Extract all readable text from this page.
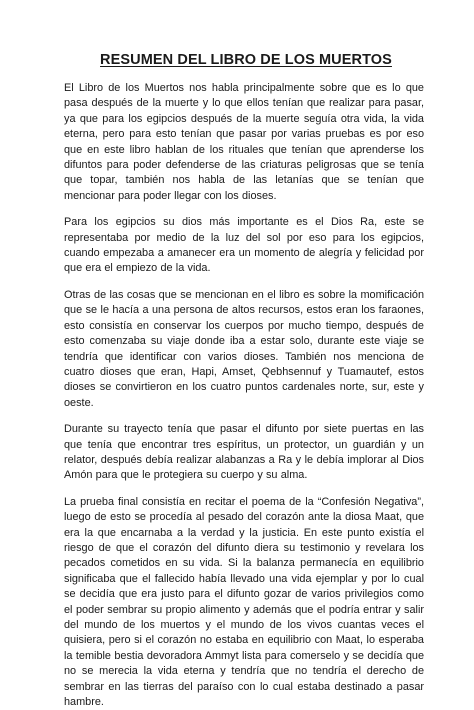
RESUMEN DEL LIBRO DE LOS MUERTOS

El Libro de los Muertos nos habla principalmente sobre que es lo que pasa después de la muerte y lo que ellos tenían que realizar para pasar, ya que para los egipcios después de la muerte seguía otra vida, la vida eterna, pero para esto tenían que pasar por varias pruebas es por eso que en este libro hablan de los rituales que tenían que aprenderse los difuntos para poder defenderse de las criaturas peligrosas que se tenía que topar, también nos habla de las letanías que se tenían que mencionar para poder llegar con los dioses.

Para los egipcios su dios más importante es el Dios Ra, este se representaba por medio de la luz del sol por eso para los egipcios, cuando empezaba a amanecer era un momento de alegría y felicidad por que era el empiezo de la vida.

Otras de las cosas que se mencionan en el libro es sobre la momificación que se le hacía a una persona de altos recursos, estos eran los faraones, esto consistía en conservar los cuerpos por mucho tiempo, después de esto comenzaba su viaje donde iba a estar solo, durante este viaje se tendría que identificar con varios dioses. También nos menciona de cuatro dioses que eran, Hapi, Amset, Qebhsennuf y Tuamautef, estos dioses se convirtieron en los cuatro puntos cardenales norte, sur, este y oeste.

Durante su trayecto tenía que pasar el difunto por siete puertas en las que tenía que encontrar tres espíritus, un protector, un guardián y un relator, después debía realizar alabanzas a Ra y le debía implorar al Dios Amón para que le protegiera su cuerpo y su alma.

La prueba final consistía en recitar el poema de la “Confesión Negativa”, luego de esto se procedía al pesado del corazón ante la diosa Maat, que era la que encarnaba a la verdad y la justicia. En este punto existía el riesgo de que el corazón del difunto diera su testimonio y revelara los pecados cometidos en su vida. Si la balanza permanecía en equilibrio significaba que el fallecido había llevado una vida ejemplar y por lo cual se decidía que era justo para el difunto gozar de varios privilegios como el poder sembrar su propio alimento y además que el podría entrar y salir del mundo de los muertos y el mundo de los vivos cuantas veces el quisiera, pero si el corazón no estaba en equilibrio con Maat, lo esperaba la temible bestia devoradora Ammyt lista para comerselo y se decidía que no se merecia la vida eterna y tendría que no tendría el derecho de sembrar en las tierras del paraíso con lo cual estaba destinado a pasar hambre.
